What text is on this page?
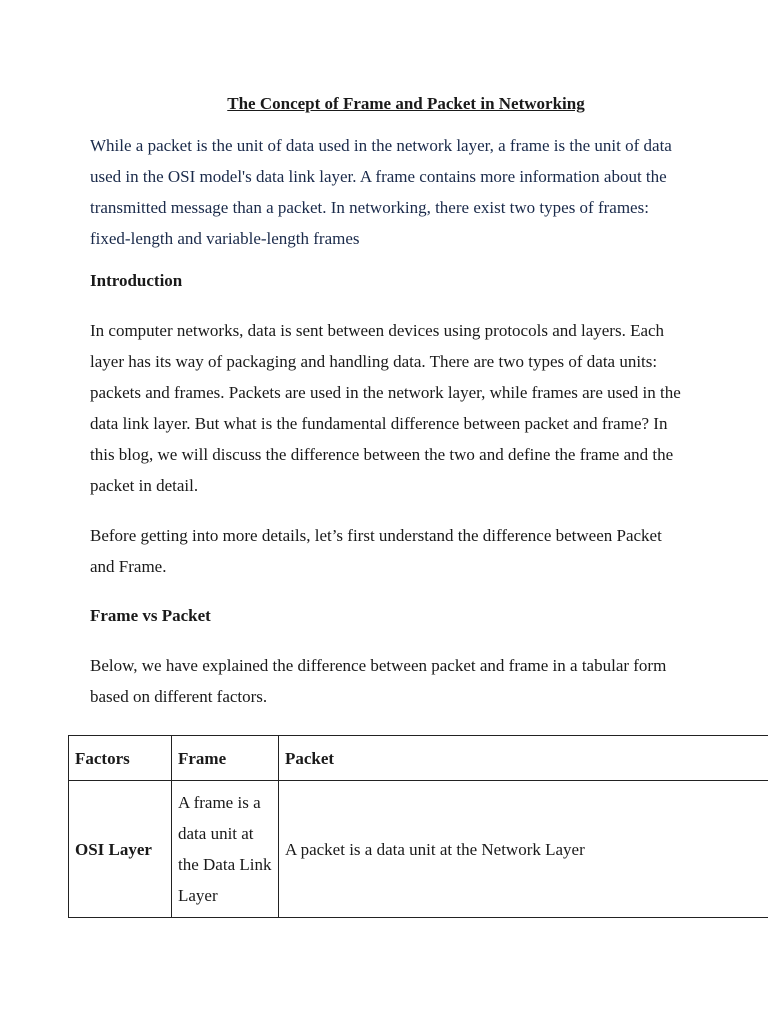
The Concept of Frame and Packet in Networking

While a packet is the unit of data used in the network layer, a frame is the unit of data used in the OSI model's data link layer. A frame contains more information about the transmitted message than a packet. In networking, there exist two types of frames: fixed-length and variable-length frames

Introduction

In computer networks, data is sent between devices using protocols and layers. Each layer has its way of packaging and handling data. There are two types of data units: packets and frames. Packets are used in the network layer, while frames are used in the data link layer. But what is the fundamental difference between packet and frame? In this blog, we will discuss the difference between the two and define the frame and the packet in detail.

Before getting into more details, let’s first understand the difference between Packet and Frame.

Frame vs Packet

Below, we have explained the difference between packet and frame in a tabular form based on different factors.

Factors	Frame	Packet
OSI Layer	A frame is a data unit at the Data Link Layer	A packet is a data unit at the Network Layer
